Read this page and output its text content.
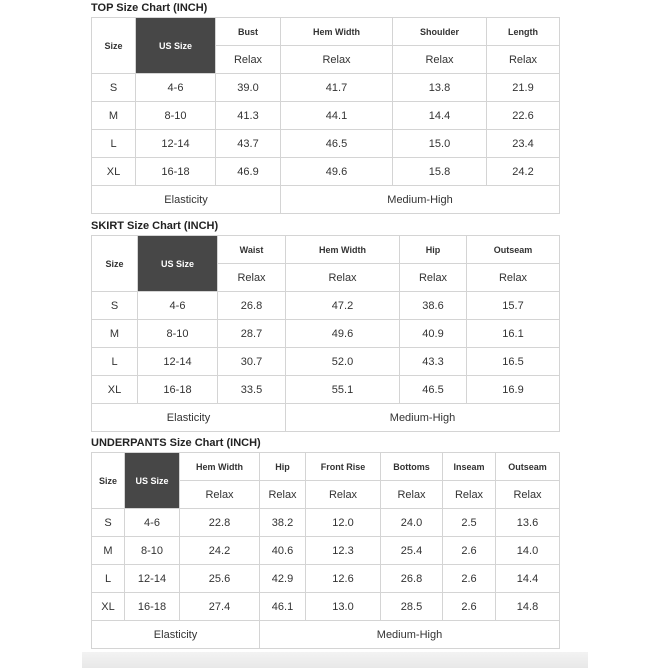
TOP Size Chart (INCH)
Size	US Size	Bust	Hem Width	Shoulder	Length
		Relax	Relax	Relax	Relax
S	4-6	39.0	41.7	13.8	21.9
M	8-10	41.3	44.1	14.4	22.6
L	12-14	43.7	46.5	15.0	23.4
XL	16-18	46.9	49.6	15.8	24.2
Elasticity			Medium-High		
SKIRT Size Chart (INCH)
Size	US Size	Waist	Hem Width	Hip	Outseam
		Relax	Relax	Relax	Relax
S	4-6	26.8	47.2	38.6	15.7
M	8-10	28.7	49.6	40.9	16.1
L	12-14	30.7	52.0	43.3	16.5
XL	16-18	33.5	55.1	46.5	16.9
Elasticity			Medium-High		
UNDERPANTS Size Chart (INCH)
Size	US Size	Hem Width	Hip	Front Rise	Bottoms	Inseam	Outseam
		Relax	Relax	Relax	Relax	Relax	Relax
S	4-6	22.8	38.2	12.0	24.0	2.5	13.6
M	8-10	24.2	40.6	12.3	25.4	2.6	14.0
L	12-14	25.6	42.9	12.6	26.8	2.6	14.4
XL	16-18	27.4	46.1	13.0	28.5	2.6	14.8
Elasticity			Medium-High				
